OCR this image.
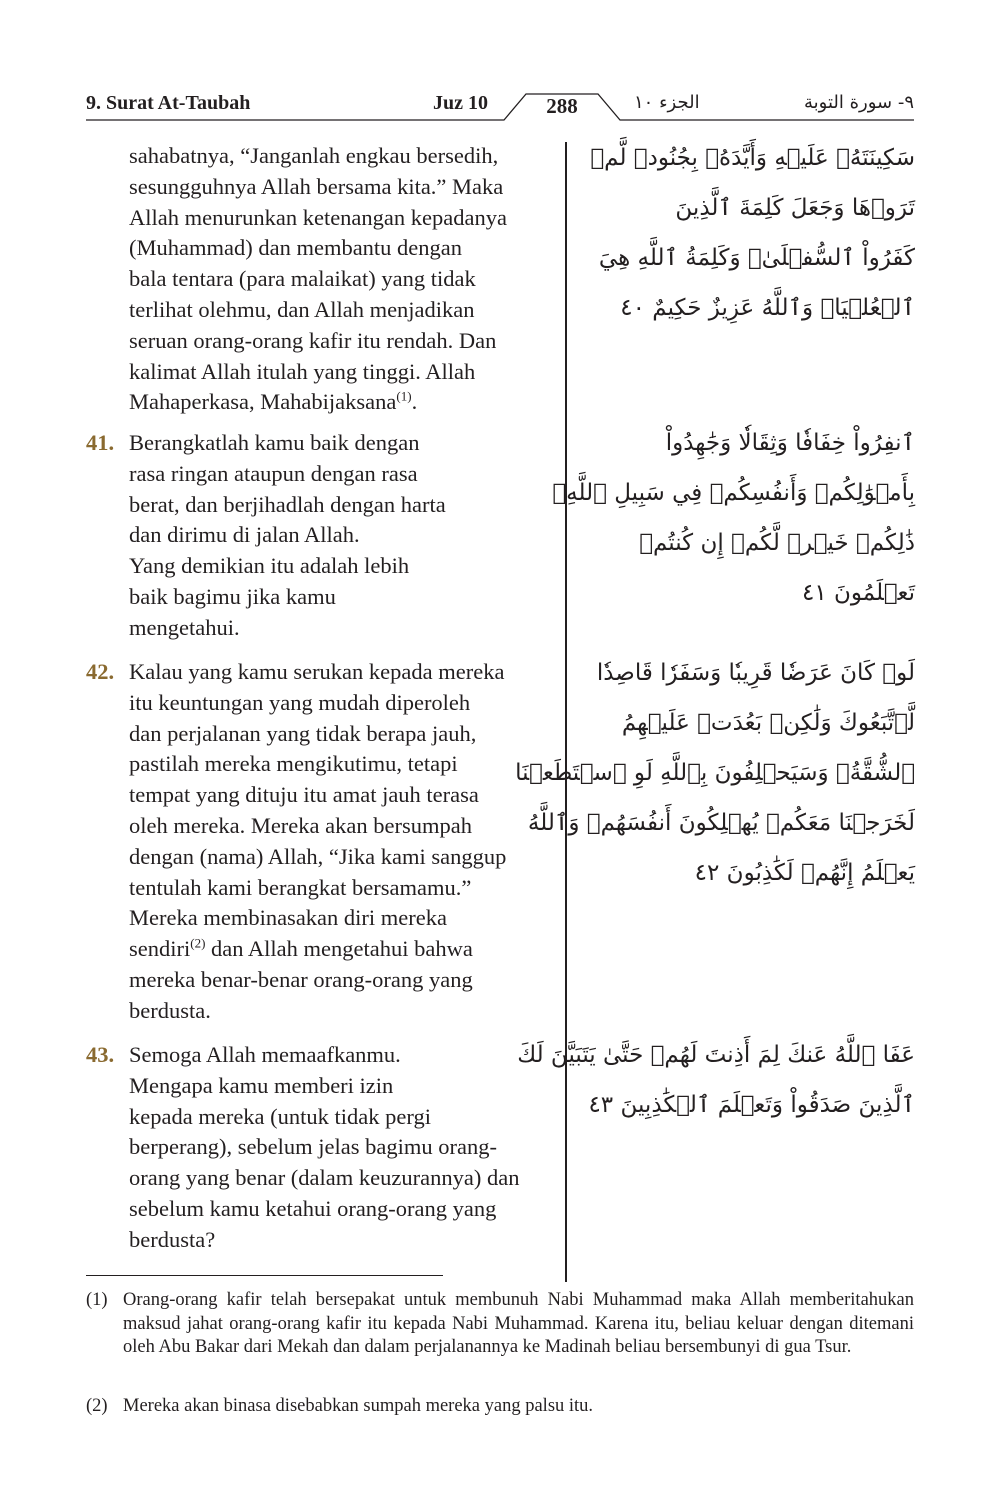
9. Surat At-Taubah	Juz 10	288	الجزء ١٠	٩- سورة التوبة
sahabatnya, “Janganlah engkau bersedih,
sesungguhnya Allah bersama kita.” Maka
Allah menurunkan ketenangan kepadanya
(Muhammad) dan membantu dengan
bala tentara (para malaikat) yang tidak
terlihat olehmu, dan Allah menjadikan
seruan orang-orang kafir itu rendah. Dan
kalimat Allah itulah yang tinggi. Allah
Mahaperkasa, Mahabijaksana$^{(1)}$.
سَكِينَتَهُۥ عَلَيۡهِ وَأَيَّدَهُۥ بِجُنُودٖ لَّمۡ
تَرَوۡهَا وَجَعَلَ كَلِمَةَ ٱلَّذِينَ
كَفَرُواْ ٱلسُّفۡلَىٰۗ وَكَلِمَةُ ٱللَّهِ هِيَ
ٱلۡعُلۡيَاۗ وَٱللَّهُ عَزِيزٌ حَكِيمٌ ٤٠
41. Berangkatlah kamu baik dengan
rasa ringan ataupun dengan rasa
berat, dan berjihadlah dengan harta
dan dirimu di jalan Allah.
Yang demikian itu adalah lebih
baik bagimu jika kamu
mengetahui.
ٱنفِرُواْ خِفَافٗا وَثِقَالٗا وَجَٰهِدُواْ
بِأَمۡوَٰلِكُمۡ وَأَنفُسِكُمۡ فِي سَبِيلِ ٱللَّهِۚ
ذَٰلِكُمۡ خَيۡرٞ لَّكُمۡ إِن كُنتُمۡ
تَعۡلَمُونَ ٤١
42. Kalau yang kamu serukan kepada mereka
itu keuntungan yang mudah diperoleh
dan perjalanan yang tidak berapa jauh,
pastilah mereka mengikutimu, tetapi
tempat yang dituju itu amat jauh terasa
oleh mereka. Mereka akan bersumpah
dengan (nama) Allah, “Jika kami sanggup
tentulah kami berangkat bersamamu.”
Mereka membinasakan diri mereka
sendiri$^{(2)}$ dan Allah mengetahui bahwa
mereka benar-benar orang-orang yang
berdusta.
لَوۡ كَانَ عَرَضٗا قَرِيبٗا وَسَفَرٗا قَاصِدٗا
لَّٱتَّبَعُوكَ وَلَٰكِنۢ بَعُدَتۡ عَلَيۡهِمُ
ٱلشُّقَّةُۚ وَسَيَحۡلِفُونَ بِٱللَّهِ لَوِ ٱسۡتَطَعۡنَا
لَخَرَجۡنَا مَعَكُمۡ يُهۡلِكُونَ أَنفُسَهُمۡ وَٱللَّهُ
يَعۡلَمُ إِنَّهُمۡ لَكَٰذِبُونَ ٤٢
43. Semoga Allah memaafkanmu.
Mengapa kamu memberi izin
kepada mereka (untuk tidak pergi
berperang), sebelum jelas bagimu orang-
orang yang benar (dalam keuzurannya) dan
sebelum kamu ketahui orang-orang yang
berdusta?
عَفَا ٱللَّهُ عَنكَ لِمَ أَذِنتَ لَهُمۡ حَتَّىٰ يَتَبَيَّنَ لَكَ
ٱلَّذِينَ صَدَقُواْ وَتَعۡلَمَ ٱلۡكَٰذِبِينَ ٤٣
(1) Orang-orang kafir telah bersepakat untuk membunuh Nabi Muhammad maka Allah memberitahukan maksud jahat orang-orang kafir itu kepada Nabi Muhammad. Karena itu, beliau keluar dengan ditemani oleh Abu Bakar dari Mekah dan dalam perjalanannya ke Madinah beliau bersembunyi di gua Tsur.
(2) Mereka akan binasa disebabkan sumpah mereka yang palsu itu.
